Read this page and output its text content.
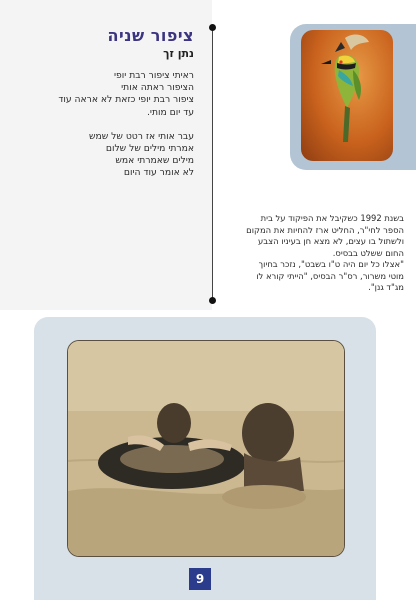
ציפור שניה
נתן זך
ראיתי ציפור רבת יופי
הציפור ראתה אותי
ציפור רבת יופי כזאת לא אראה עוד
עד יום מותי.
עבר אותי אז רטט של שמש
אמרתי מילים של שלום
מילים שאמרתי אמש
לא אומר עוד היום
בשנת 1992 כשקיבל את הפיקוד על בית
הספר לחי"ר, החליט ארז להחיות את המקום
ולשתול בו עצים, לא מצא חן בעיניו הצבע
החום ששלט בבסיס.
"אצלו כל יום היה ט"ו בשבט", נזכר בחיוך
מוטי משרור, רס"ר הבסיס, "הייתי קורא לו
מג"ד גנן".
9
